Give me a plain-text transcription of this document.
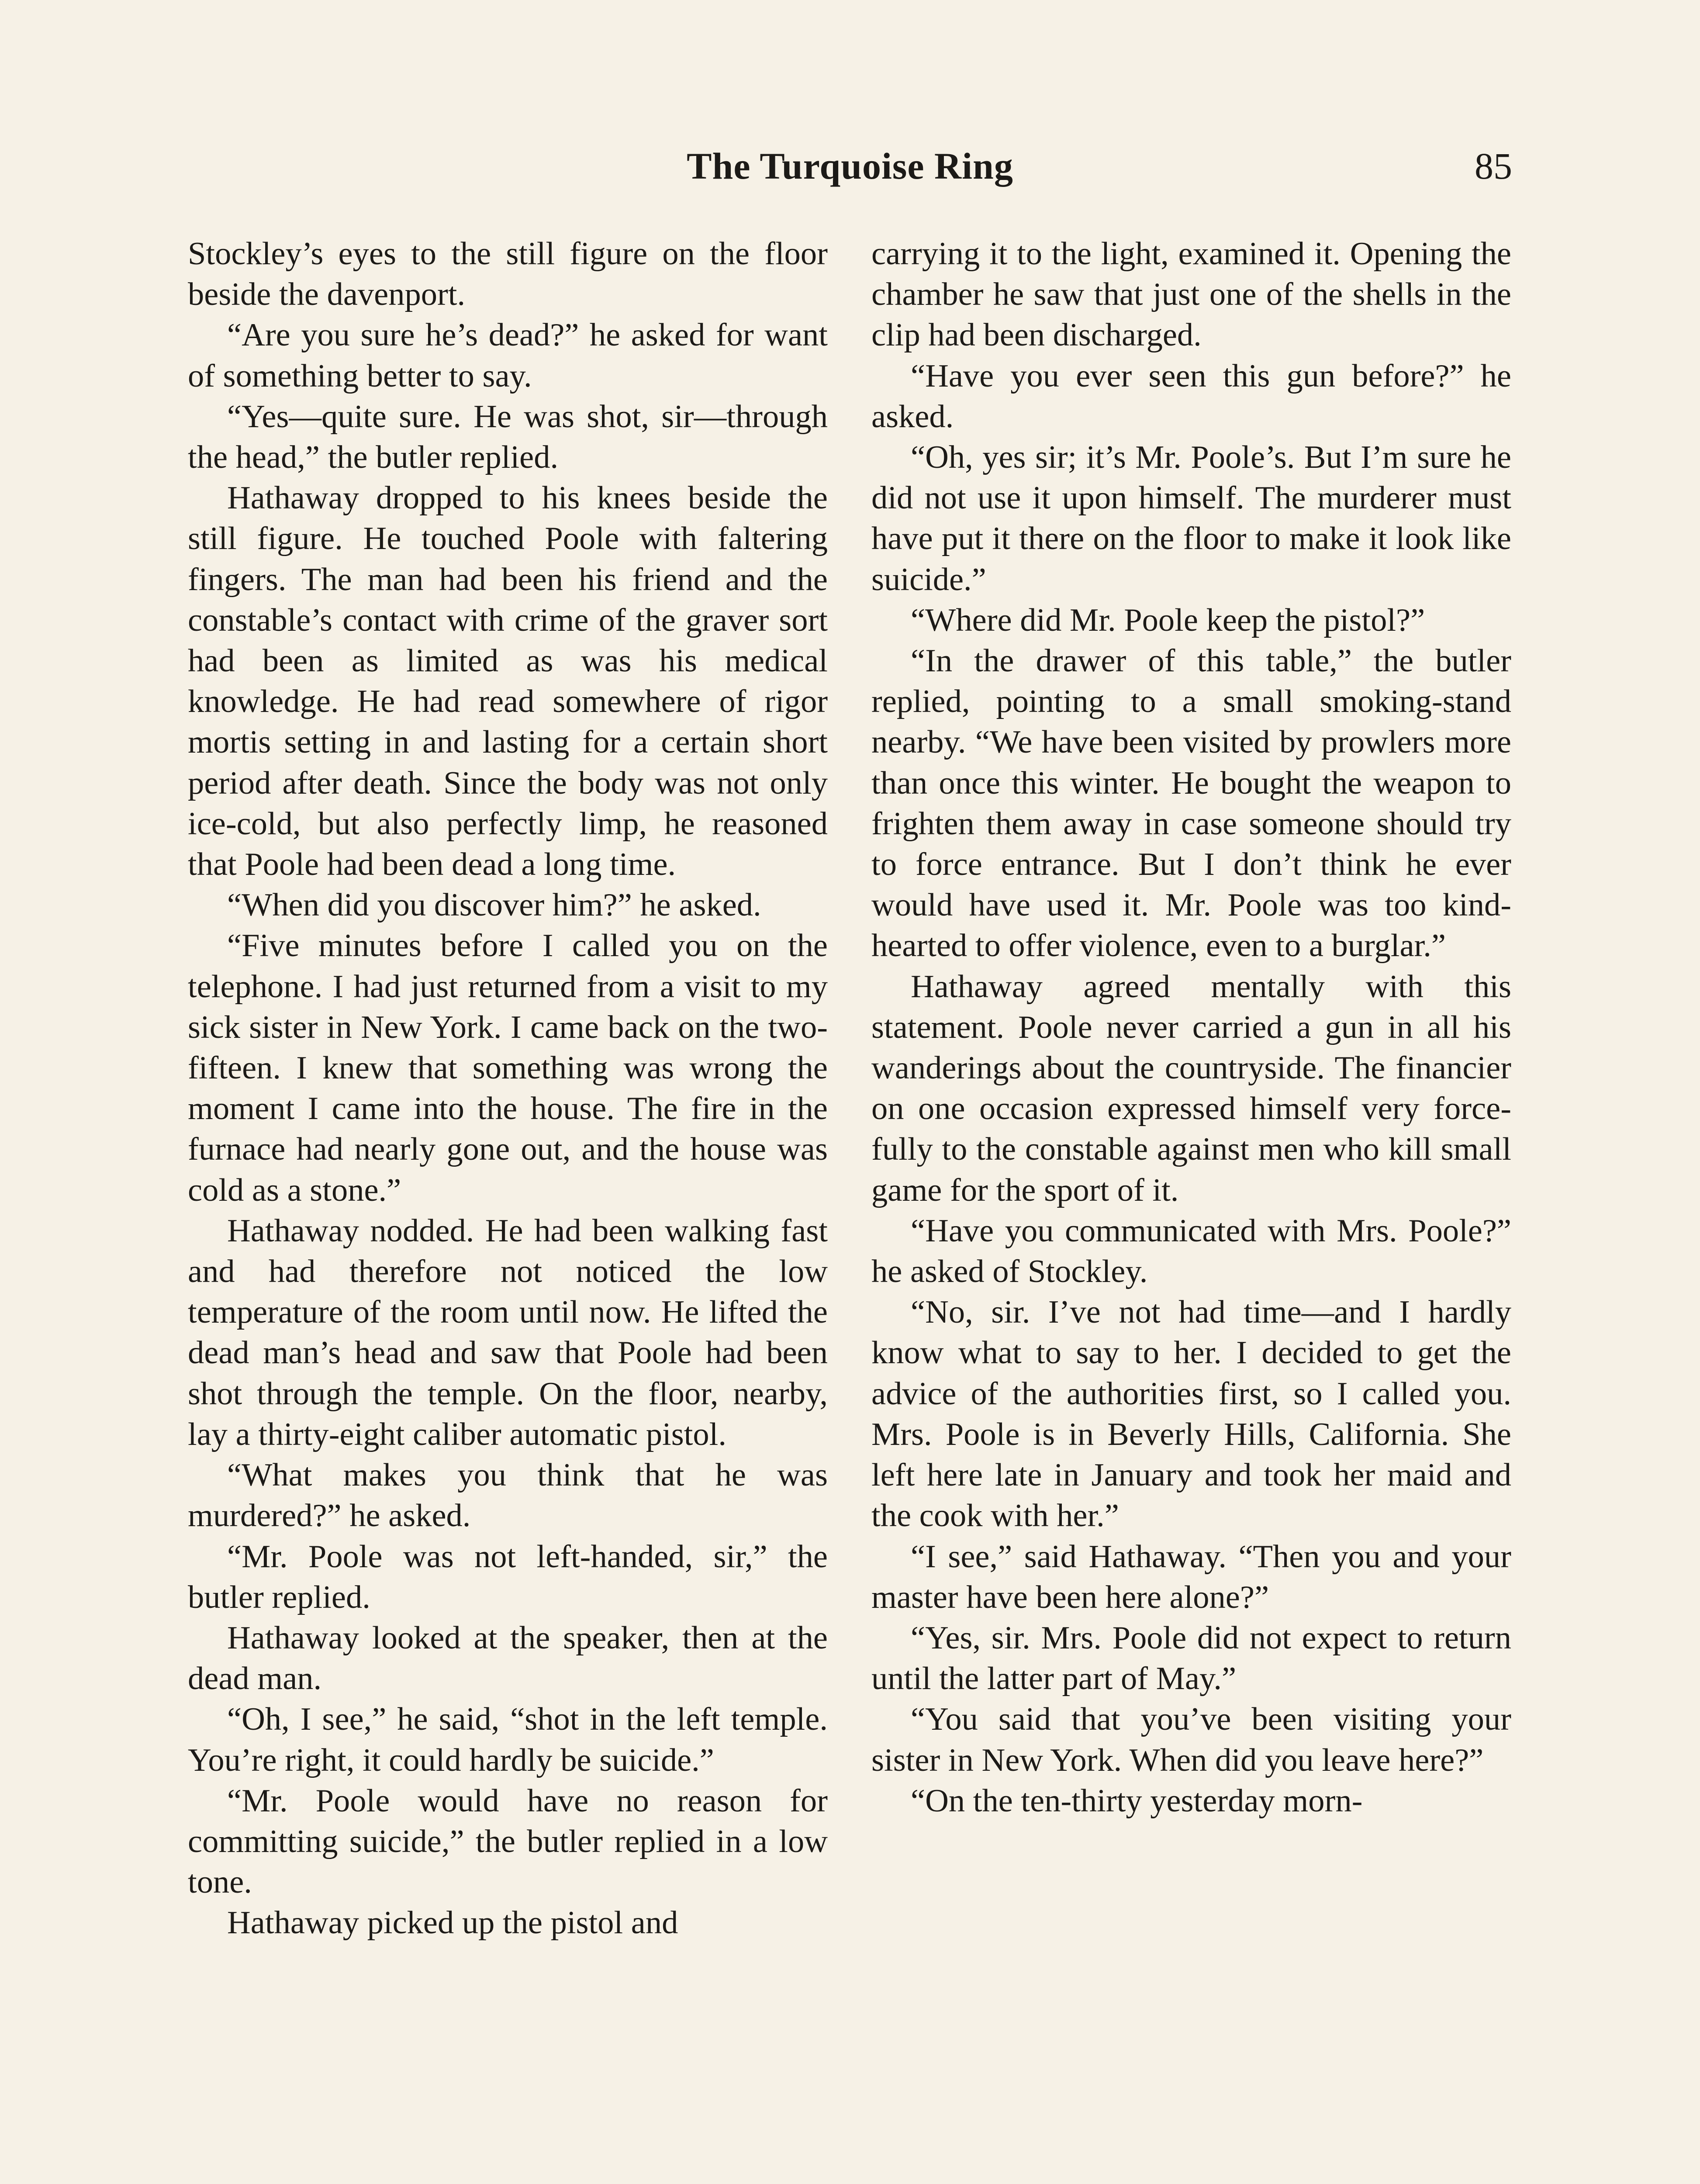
The Turquoise Ring	85

Stockley’s eyes to the still figure on the floor beside the davenport.

“Are you sure he’s dead?” he asked for want of something better to say.

“Yes—quite sure. He was shot, sir—through the head,” the butler replied.

Hathaway dropped to his knees beside the still figure. He touched Poole with faltering fingers. The man had been his friend and the constable’s contact with crime of the graver sort had been as limited as was his medical knowledge. He had read somewhere of rigor mortis setting in and lasting for a certain short period after death. Since the body was not only ice-cold, but also perfectly limp, he reasoned that Poole had been dead a long time.

“When did you discover him?” he asked.

“Five minutes before I called you on the telephone. I had just returned from a visit to my sick sister in New York. I came back on the two-fifteen. I knew that something was wrong the moment I came into the house. The fire in the furnace had nearly gone out, and the house was cold as a stone.”

Hathaway nodded. He had been walking fast and had therefore not noticed the low temperature of the room until now. He lifted the dead man’s head and saw that Poole had been shot through the temple. On the floor, nearby, lay a thirty-eight caliber automatic pistol.

“What makes you think that he was murdered?” he asked.

“Mr. Poole was not left-handed, sir,” the butler replied.

Hathaway looked at the speaker, then at the dead man.

“Oh, I see,” he said, “shot in the left temple. You’re right, it could hardly be suicide.”

“Mr. Poole would have no reason for committing suicide,” the butler replied in a low tone.

Hathaway picked up the pistol and

carrying it to the light, examined it. Opening the chamber he saw that just one of the shells in the clip had been discharged.

“Have you ever seen this gun before?” he asked.

“Oh, yes sir; it’s Mr. Poole’s. But I’m sure he did not use it upon himself. The murderer must have put it there on the floor to make it look like suicide.”

“Where did Mr. Poole keep the pistol?”

“In the drawer of this table,” the butler replied, pointing to a small smoking-stand nearby. “We have been visited by prowlers more than once this winter. He bought the weapon to frighten them away in case someone should try to force entrance. But I don’t think he ever would have used it. Mr. Poole was too kind-hearted to offer violence, even to a burglar.”

Hathaway agreed mentally with this statement. Poole never carried a gun in all his wanderings about the countryside. The financier on one occasion expressed himself very forcefully to the constable against men who kill small game for the sport of it.

“Have you communicated with Mrs. Poole?” he asked of Stockley.

“No, sir. I’ve not had time—and I hardly know what to say to her. I decided to get the advice of the authorities first, so I called you. Mrs. Poole is in Beverly Hills, California. She left here late in January and took her maid and the cook with her.”

“I see,” said Hathaway. “Then you and your master have been here alone?”

“Yes, sir. Mrs. Poole did not expect to return until the latter part of May.”

“You said that you’ve been visiting your sister in New York. When did you leave here?”

“On the ten-thirty yesterday morn-
